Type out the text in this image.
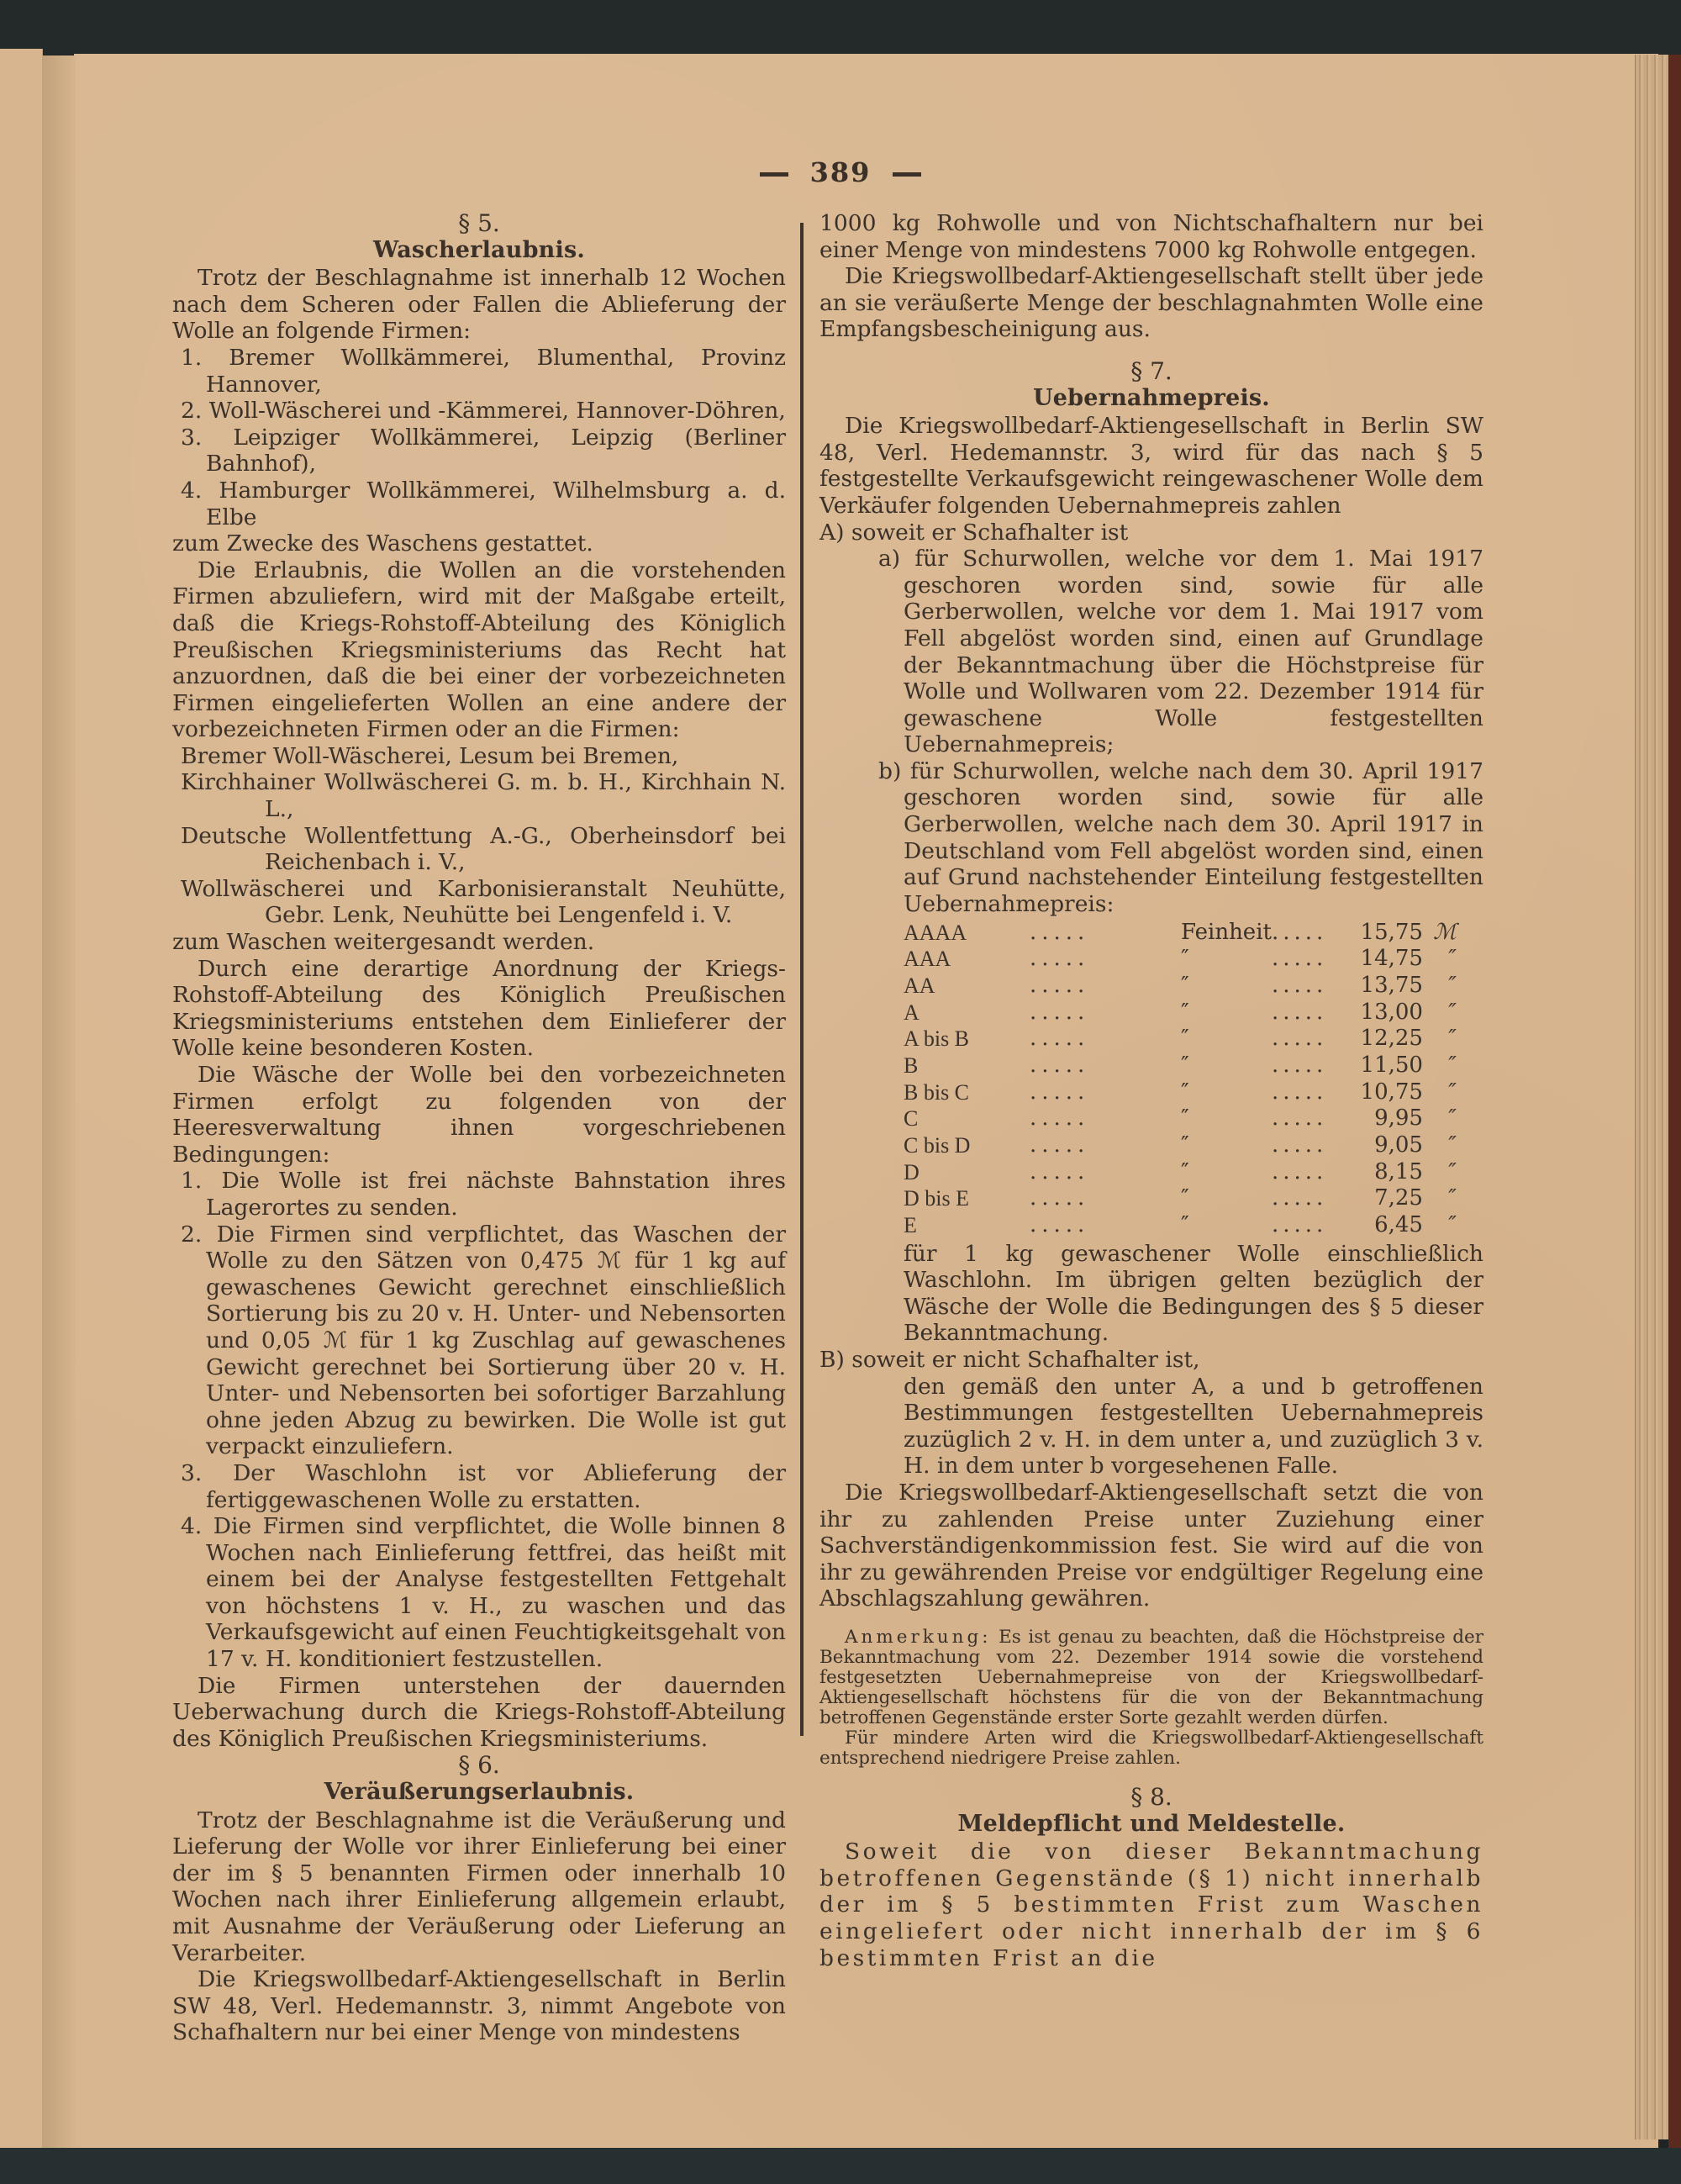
389

§ 5.

Wascherlaubnis.

Trotz der Beschlagnahme ist innerhalb 12 Wochen nach dem Scheren oder Fallen die Ablieferung der Wolle an folgende Firmen:

1. Bremer Wollkämmerei, Blumenthal, Provinz Hannover,

2. Woll-Wäscherei und -Kämmerei, Hannover-Döhren,

3. Leipziger Wollkämmerei, Leipzig (Berliner Bahnhof),

4. Hamburger Wollkämmerei, Wilhelmsburg a. d. Elbe

zum Zwecke des Waschens gestattet.

Die Erlaubnis, die Wollen an die vorstehenden Firmen abzuliefern, wird mit der Maßgabe erteilt, daß die Kriegs-Rohstoff-Abteilung des Königlich Preußischen Kriegsministeriums das Recht hat anzuordnen, daß die bei einer der vorbezeichneten Firmen eingelieferten Wollen an eine andere der vorbezeichneten Firmen oder an die Firmen:

Bremer Woll-Wäscherei, Lesum bei Bremen,

Kirchhainer Wollwäscherei G. m. b. H., Kirchhain N. L.,

Deutsche Wollentfettung A.-G., Oberheinsdorf bei Reichenbach i. V.,

Wollwäscherei und Karbonisieranstalt Neuhütte, Gebr. Lenk, Neuhütte bei Lengenfeld i. V.

zum Waschen weitergesandt werden.

Durch eine derartige Anordnung der Kriegs-Rohstoff-Abteilung des Königlich Preußischen Kriegsministeriums entstehen dem Einlieferer der Wolle keine besonderen Kosten.

Die Wäsche der Wolle bei den vorbezeichneten Firmen erfolgt zu folgenden von der Heeresverwaltung ihnen vorgeschriebenen Bedingungen:

1. Die Wolle ist frei nächste Bahnstation ihres Lagerortes zu senden.

2. Die Firmen sind verpflichtet, das Waschen der Wolle zu den Sätzen von 0,475 ℳ für 1 kg auf gewaschenes Gewicht gerechnet einschließlich Sortierung bis zu 20 v. H. Unter- und Nebensorten und 0,05 ℳ für 1 kg Zuschlag auf gewaschenes Gewicht gerechnet bei Sortierung über 20 v. H. Unter- und Nebensorten bei sofortiger Barzahlung ohne jeden Abzug zu bewirken. Die Wolle ist gut verpackt einzuliefern.

3. Der Waschlohn ist vor Ablieferung der fertiggewaschenen Wolle zu erstatten.

4. Die Firmen sind verpflichtet, die Wolle binnen 8 Wochen nach Einlieferung fettfrei, das heißt mit einem bei der Analyse festgestellten Fettgehalt von höchstens 1 v. H., zu waschen und das Verkaufsgewicht auf einen Feuchtigkeitsgehalt von 17 v. H. konditioniert festzustellen.

Die Firmen unterstehen der dauernden Ueberwachung durch die Kriegs-Rohstoff-Abteilung des Königlich Preußischen Kriegsministeriums.

§ 6.

Veräußerungserlaubnis.

Trotz der Beschlagnahme ist die Veräußerung und Lieferung der Wolle vor ihrer Einlieferung bei einer der im § 5 benannten Firmen oder innerhalb 10 Wochen nach ihrer Einlieferung allgemein erlaubt, mit Ausnahme der Veräußerung oder Lieferung an Verarbeiter.

Die Kriegswollbedarf-Aktiengesellschaft in Berlin SW 48, Verl. Hedemannstr. 3, nimmt Angebote von Schafhaltern nur bei einer Menge von mindestens

1000 kg Rohwolle und von Nichtschafhaltern nur bei einer Menge von mindestens 7000 kg Rohwolle entgegen.

Die Kriegswollbedarf-Aktiengesellschaft stellt über jede an sie veräußerte Menge der beschlagnahmten Wolle eine Empfangsbescheinigung aus.

§ 7.

Uebernahmepreis.

Die Kriegswollbedarf-Aktiengesellschaft in Berlin SW 48, Verl. Hedemannstr. 3, wird für das nach § 5 festgestellte Verkaufsgewicht reingewaschener Wolle dem Verkäufer folgenden Uebernahmepreis zahlen

A) soweit er Schafhalter ist

a) für Schurwollen, welche vor dem 1. Mai 1917 geschoren worden sind, sowie für alle Gerberwollen, welche vor dem 1. Mai 1917 vom Fell abgelöst worden sind, einen auf Grundlage der Bekanntmachung über die Höchstpreise für Wolle und Wollwaren vom 22. Dezember 1914 für gewaschene Wolle festgestellten Uebernahmepreis;

b) für Schurwollen, welche nach dem 30. April 1917 geschoren worden sind, sowie für alle Gerberwollen, welche nach dem 30. April 1917 in Deutschland vom Fell abgelöst worden sind, einen auf Grund nachstehender Einteilung festgestellten Uebernahmepreis:

AAAA	.....	Feinheit	.....	15,75	ℳ
AAA	.....	″	.....	14,75	″
AA	.....	″	.....	13,75	″
A	.....	″	.....	13,00	″
A bis B	.....	″	.....	12,25	″
B	.....	″	.....	11,50	″
B bis C	.....	″	.....	10,75	″
C	.....	″	.....	9,95	″
C bis D	.....	″	.....	9,05	″
D	.....	″	.....	8,15	″
D bis E	.....	″	.....	7,25	″
E	.....	″	.....	6,45	″

für 1 kg gewaschener Wolle einschließlich Waschlohn. Im übrigen gelten bezüglich der Wäsche der Wolle die Bedingungen des § 5 dieser Bekanntmachung.

B) soweit er nicht Schafhalter ist,

den gemäß den unter A, a und b getroffenen Bestimmungen festgestellten Uebernahmepreis zuzüglich 2 v. H. in dem unter a, und zuzüglich 3 v. H. in dem unter b vorgesehenen Falle.

Die Kriegswollbedarf-Aktiengesellschaft setzt die von ihr zu zahlenden Preise unter Zuziehung einer Sachverständigenkommission fest. Sie wird auf die von ihr zu gewährenden Preise vor endgültiger Regelung eine Abschlagszahlung gewähren.

Anmerkung: Es ist genau zu beachten, daß die Höchstpreise der Bekanntmachung vom 22. Dezember 1914 sowie die vorstehend festgesetzten Uebernahmepreise von der Kriegswollbedarf-Aktiengesellschaft höchstens für die von der Bekanntmachung betroffenen Gegenstände erster Sorte gezahlt werden dürfen.

Für mindere Arten wird die Kriegswollbedarf-Aktiengesellschaft entsprechend niedrigere Preise zahlen.

§ 8.

Meldepflicht und Meldestelle.

Soweit die von dieser Bekanntmachung betroffenen Gegenstände (§ 1) nicht innerhalb der im § 5 bestimmten Frist zum Waschen eingeliefert oder nicht innerhalb der im § 6 bestimmten Frist an die
